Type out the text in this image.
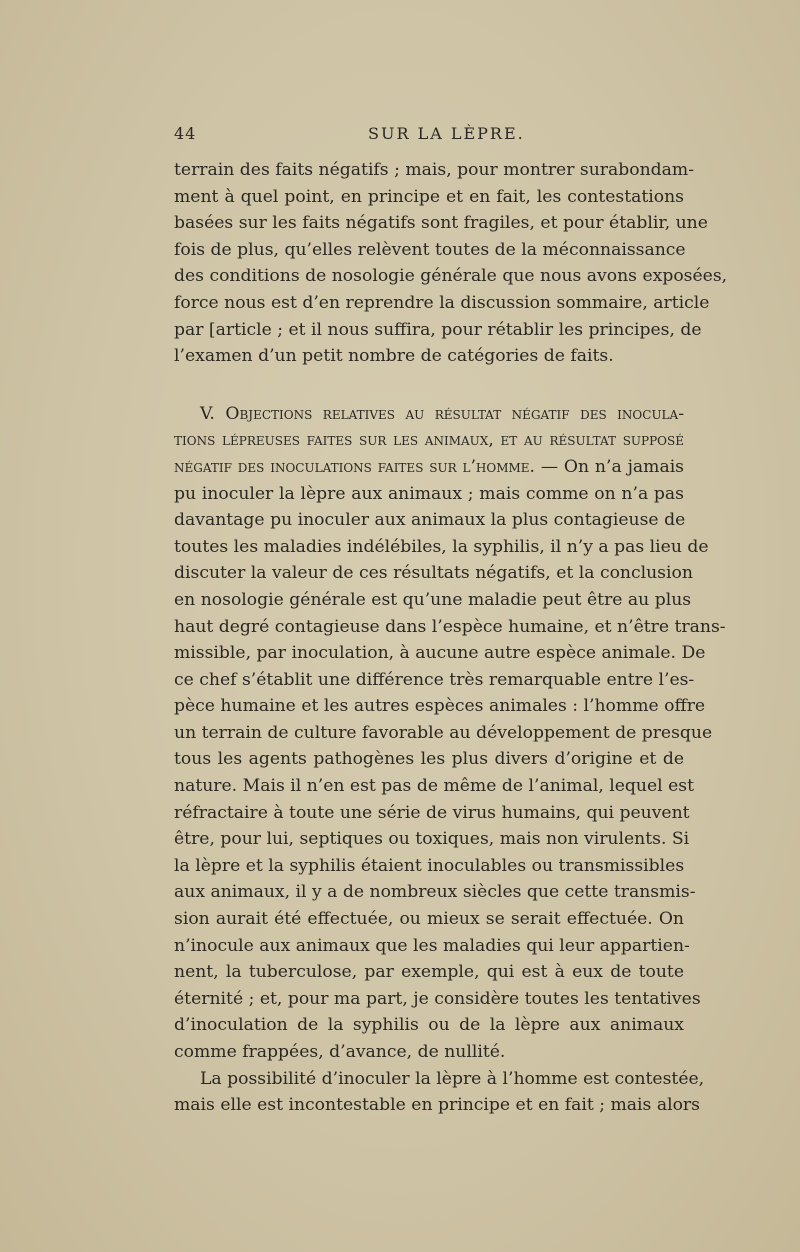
44	SUR LA LÈPRE.
terrain des faits négatifs ; mais, pour montrer surabondam-
ment à quel point, en principe et en fait, les contestations
basées sur les faits négatifs sont fragiles, et pour établir, une
fois de plus, qu’elles relèvent toutes de la méconnaissance
des conditions de nosologie générale que nous avons exposées,
force nous est d’en reprendre la discussion sommaire, article
par [article ; et il nous suffira, pour rétablir les principes, de
l’examen d’un petit nombre de catégories de faits.
V. Objections relatives au résultat négatif des inocula-
tions lépreuses faites sur les animaux, et au résultat supposé
négatif des inoculations faites sur l’homme. — On n’a jamais
pu inoculer la lèpre aux animaux ; mais comme on n’a pas
davantage pu inoculer aux animaux la plus contagieuse de
toutes les maladies indélébiles, la syphilis, il n’y a pas lieu de
discuter la valeur de ces résultats négatifs, et la conclusion
en nosologie générale est qu’une maladie peut être au plus
haut degré contagieuse dans l’espèce humaine, et n’être trans-
missible, par inoculation, à aucune autre espèce animale. De
ce chef s’établit une différence très remarquable entre l’es-
pèce humaine et les autres espèces animales : l’homme offre
un terrain de culture favorable au développement de presque
tous les agents pathogènes les plus divers d’origine et de
nature. Mais il n’en est pas de même de l’animal, lequel est
réfractaire à toute une série de virus humains, qui peuvent
être, pour lui, septiques ou toxiques, mais non virulents. Si
la lèpre et la syphilis étaient inoculables ou transmissibles
aux animaux, il y a de nombreux siècles que cette transmis-
sion aurait été effectuée, ou mieux se serait effectuée. On
n’inocule aux animaux que les maladies qui leur appartien-
nent, la tuberculose, par exemple, qui est à eux de toute
éternité ; et, pour ma part, je considère toutes les tentatives
d’inoculation de la syphilis ou de la lèpre aux animaux
comme frappées, d’avance, de nullité.
La possibilité d’inoculer la lèpre à l’homme est contestée,
mais elle est incontestable en principe et en fait ; mais alors
